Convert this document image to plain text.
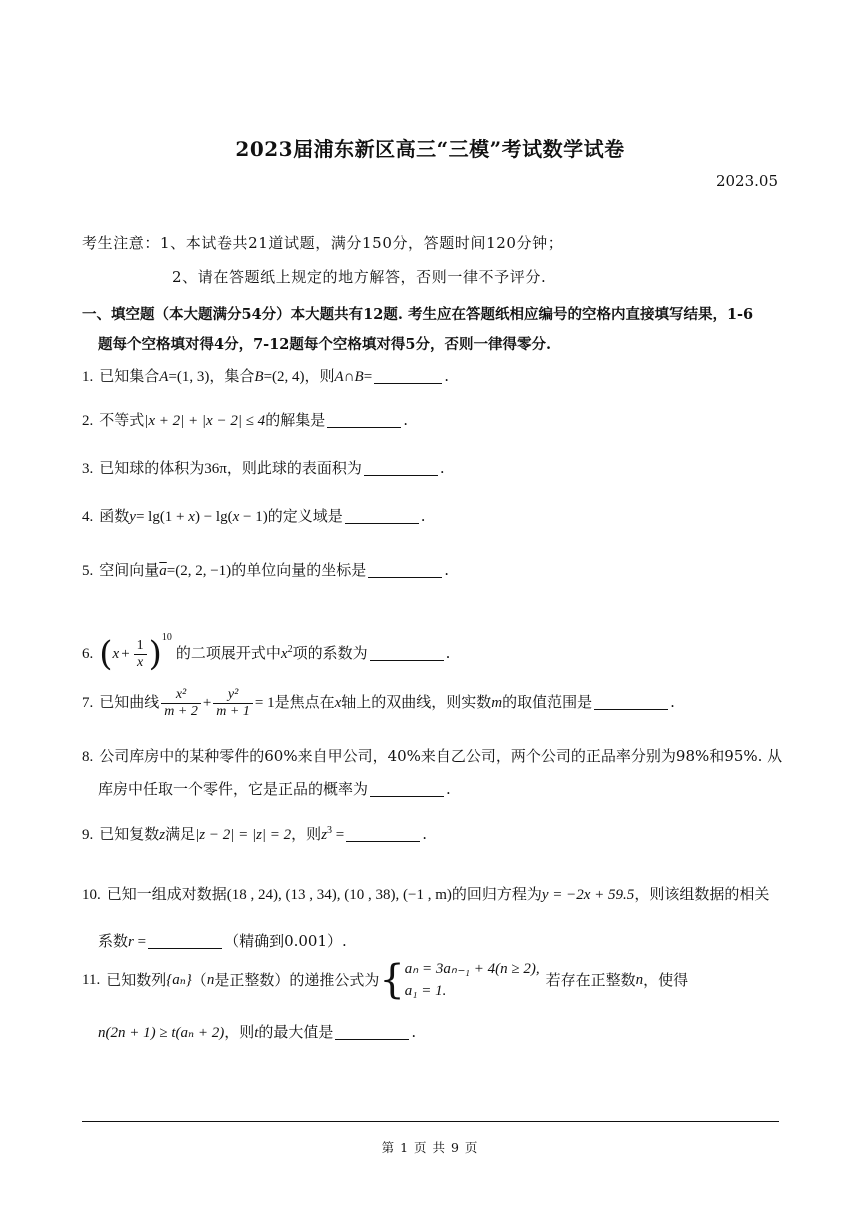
2023届浦东新区高三“三模”考试数学试卷
2023.05
考生注意：1、本试卷共21道试题，满分150分，答题时间120分钟；
2、请在答题纸上规定的地方解答，否则一律不予评分.
一、填空题（本大题满分54分）本大题共有12题. 考生应在答题纸相应编号的空格内直接填写结果，1-6
题每个空格填对得4分，7-12题每个空格填对得5分，否则一律得零分.
1. 已知集合A=(1, 3)，集合B=(2, 4)，则A∩B=	.
2. 不等式|x + 2| + |x − 2| ≤ 4的解集是	.
3. 已知球的体积为36π，则此球的表面积为	.
4. 函数y= lg(1 + x) − lg(x − 1)的定义域是	.
5. 空间向量$\overline{a}=(2$, 2, −1)的单位向量的坐标是	.
6. $(x + \frac{1}{x} )^{10}$的二项展开式中$x^2$项的系数为	.
7. 已知曲线 $\frac{\text{x²}}{m + 2} + \frac{\text{y²}}{m + 1} = 1$是焦点在x轴上的双曲线，则实数m的取值范围是	.
8. 公司库房中的某种零件的60%来自甲公司，40%来自乙公司，两个公司的正品率分别为98%和95%. 从
库房中任取一个零件，它是正品的概率为	.
9. 已知复数z满足|z − 2| = |z| = 2，则$z^3$ =	.
10. 已知一组成对数据(18 , 24), (13 , 34), (10 , 38), (−1 , m)的回归方程为y = −2x + 59.5，则该组数据的相关
系数r =	（精确到0.001）.
11. 已知数列 {aₙ} （ n 是正整数）的递推公式为 { aₙ = 3aₙ₋₁ + 4(n ≥ 2),
a₁ = 1.
若存在正整数 n ，使得
n(2n + 1) ≥ t(aₙ + 2)，则t的最大值是	.
第 1 页 共 9 页
